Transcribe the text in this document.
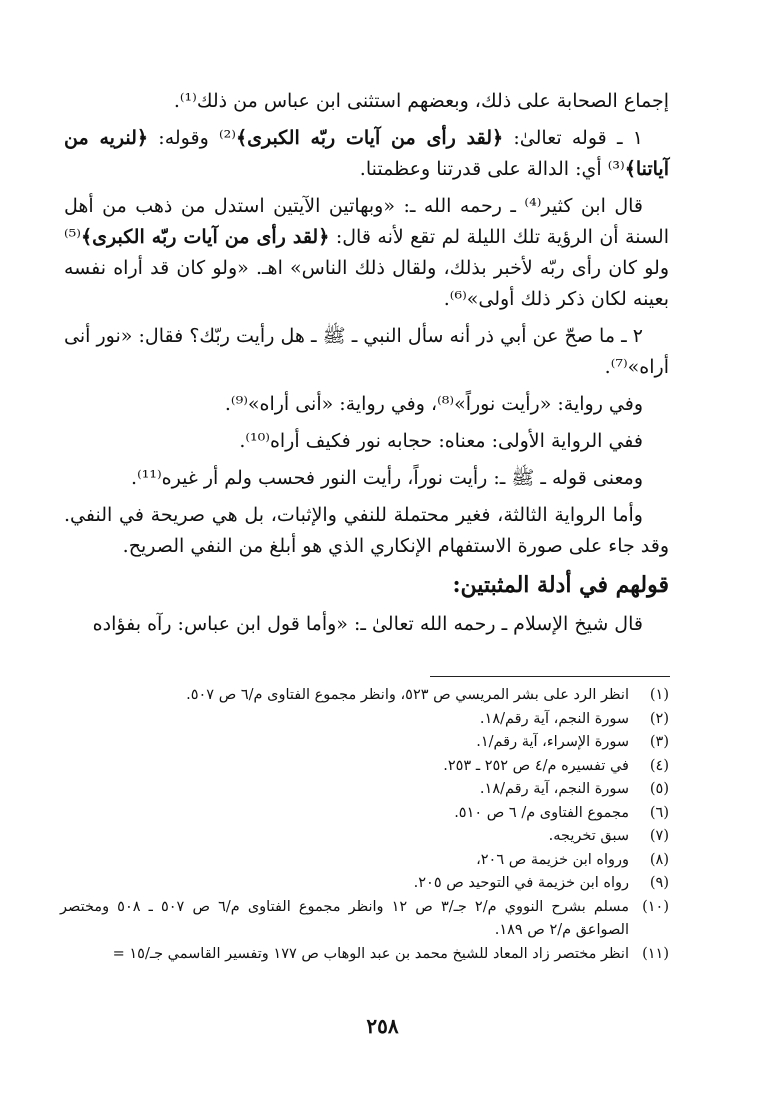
إجماع الصحابة على ذلك، وبعضهم استثنى ابن عباس من ذلك⁽¹⁾.

١ ـ قوله تعالىٰ: ﴿لقد رأى من آيات ربّه الكبرى﴾⁽²⁾ وقوله: ﴿لنريه من آياتنا﴾⁽³⁾ أي: الدالة على قدرتنا وعظمتنا.

قال ابن كثير⁽⁴⁾ ـ رحمه الله ـ: «وبهاتين الآيتين استدل من ذهب من أهل السنة أن الرؤية تلك الليلة لم تقع لأنه قال: ﴿لقد رأى من آيات ربّه الكبرى﴾⁽⁵⁾ ولو كان رأى ربّه لأخبر بذلك، ولقال ذلك الناس» اهـ. «ولو كان قد أراه نفسه بعينه لكان ذكر ذلك أولى»⁽⁶⁾.

٢ ـ ما صحّ عن أبي ذر أنه سأل النبي ـ ﷺ ـ هل رأيت ربّك؟ فقال: «نور أنى أراه»⁽⁷⁾.

وفي رواية: «رأيت نوراً»⁽⁸⁾، وفي رواية: «أنى أراه»⁽⁹⁾.

ففي الرواية الأولى: معناه: حجابه نور فكيف أراه⁽¹⁰⁾.

ومعنى قوله ـ ﷺ ـ: رأيت نوراً، رأيت النور فحسب ولم أر غيره⁽¹¹⁾.

وأما الرواية الثالثة، فغير محتملة للنفي والإثبات، بل هي صريحة في النفي. وقد جاء على صورة الاستفهام الإنكاري الذي هو أبلغ من النفي الصريح.

قولهم في أدلة المثبتين:

قال شيخ الإسلام ـ رحمه الله تعالىٰ ـ: «وأما قول ابن عباس: رآه بفؤاده

(١)
انظر الرد على بشر المريسي ص ٥٢٣، وانظر مجموع الفتاوى م/٦ ص ٥٠٧.
(٢)
سورة النجم، آية رقم/١٨.
(٣)
سورة الإسراء، آية رقم/١.
(٤)
في تفسيره م/٤ ص ٢٥٢ ـ ٢٥٣.
(٥)
سورة النجم، آية رقم/١٨.
(٦)
مجموع الفتاوى م/ ٦ ص ٥١٠.
(٧)
سبق تخريجه.
(٨)
ورواه ابن خزيمة ص ٢٠٦،
(٩)
رواه ابن خزيمة في التوحيد ص ٢٠٥.
(١٠)
مسلم بشرح النووي م/٢ جـ/٣ ص ١٢ وانظر مجموع الفتاوى م/٦ ص ٥٠٧ ـ ٥٠٨ ومختصر الصواعق م/٢ ص ١٨٩.
(١١)
انظر مختصر زاد المعاد للشيخ محمد بن عبد الوهاب ص ١٧٧ وتفسير القاسمي جـ/١٥ =
٢٥٨
